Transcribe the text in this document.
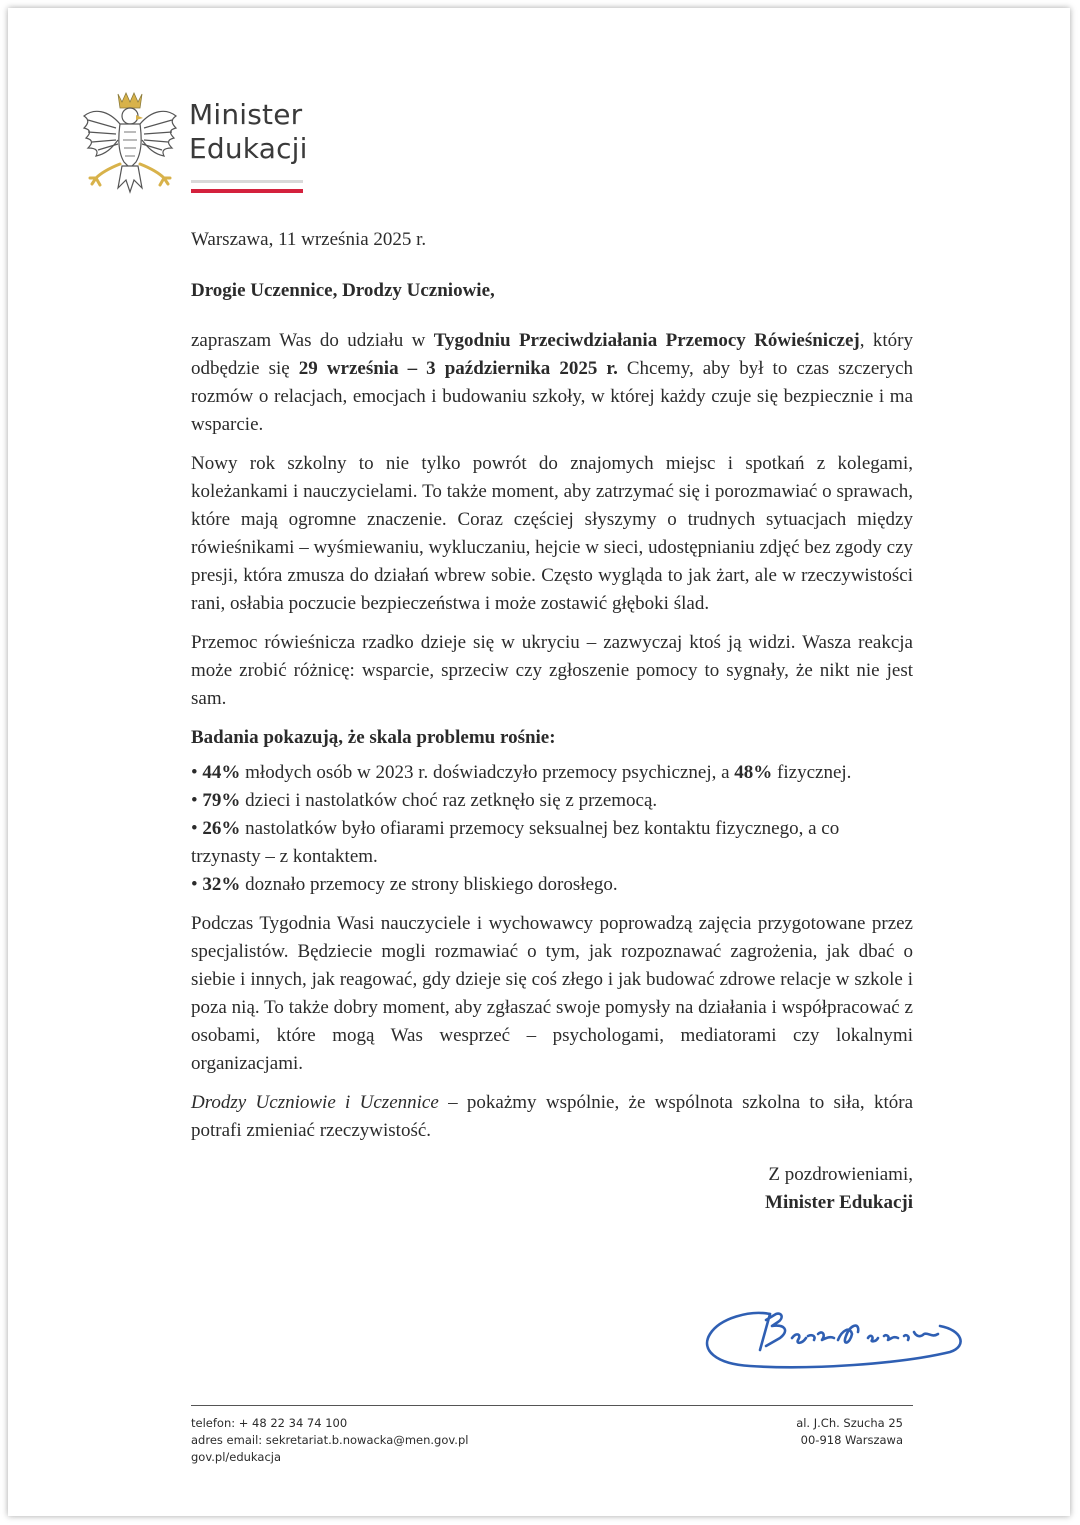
Minister
Edukacji

Warszawa, 11 września 2025 r.

Drogie Uczennice, Drodzy Uczniowie,

zapraszam Was do udziału w Tygodniu Przeciwdziałania Przemocy Rówieśniczej, który odbędzie się 29 września – 3 października 2025 r. Chcemy, aby był to czas szczerych rozmów o relacjach, emocjach i budowaniu szkoły, w której każdy czuje się bezpiecznie i ma wsparcie.

Nowy rok szkolny to nie tylko powrót do znajomych miejsc i spotkań z kolegami, koleżankami i nauczycielami. To także moment, aby zatrzymać się i porozmawiać o sprawach, które mają ogromne znaczenie. Coraz częściej słyszymy o trudnych sytuacjach między rówieśnikami – wyśmiewaniu, wykluczaniu, hejcie w sieci, udostępnianiu zdjęć bez zgody czy presji, która zmusza do działań wbrew sobie. Często wygląda to jak żart, ale w rzeczywistości rani, osłabia poczucie bezpieczeństwa i może zostawić głęboki ślad.

Przemoc rówieśnicza rzadko dzieje się w ukryciu – zazwyczaj ktoś ją widzi. Wasza reakcja może zrobić różnicę: wsparcie, sprzeciw czy zgłoszenie pomocy to sygnały, że nikt nie jest sam.

Badania pokazują, że skala problemu rośnie:

• 44% młodych osób w 2023 r. doświadczyło przemocy psychicznej, a 48% fizycznej.
• 79% dzieci i nastolatków choć raz zetknęło się z przemocą.
• 26% nastolatków było ofiarami przemocy seksualnej bez kontaktu fizycznego, a co trzynasty – z kontaktem.
• 32% doznało przemocy ze strony bliskiego dorosłego.

Podczas Tygodnia Wasi nauczyciele i wychowawcy poprowadzą zajęcia przygotowane przez specjalistów. Będziecie mogli rozmawiać o tym, jak rozpoznawać zagrożenia, jak dbać o siebie i innych, jak reagować, gdy dzieje się coś złego i jak budować zdrowe relacje w szkole i poza nią. To także dobry moment, aby zgłaszać swoje pomysły na działania i współpracować z osobami, które mogą Was wesprzeć – psychologami, mediatorami czy lokalnymi organizacjami.

Drodzy Uczniowie i Uczennice – pokażmy wspólnie, że wspólnota szkolna to siła, która potrafi zmieniać rzeczywistość.

Z pozdrowieniami,
Minister Edukacji
telefon: + 48 22 34 74 100
adres email: sekretariat.b.nowacka@men.gov.pl
gov.pl/edukacja
al. J.Ch. Szucha 25
00-918 Warszawa
